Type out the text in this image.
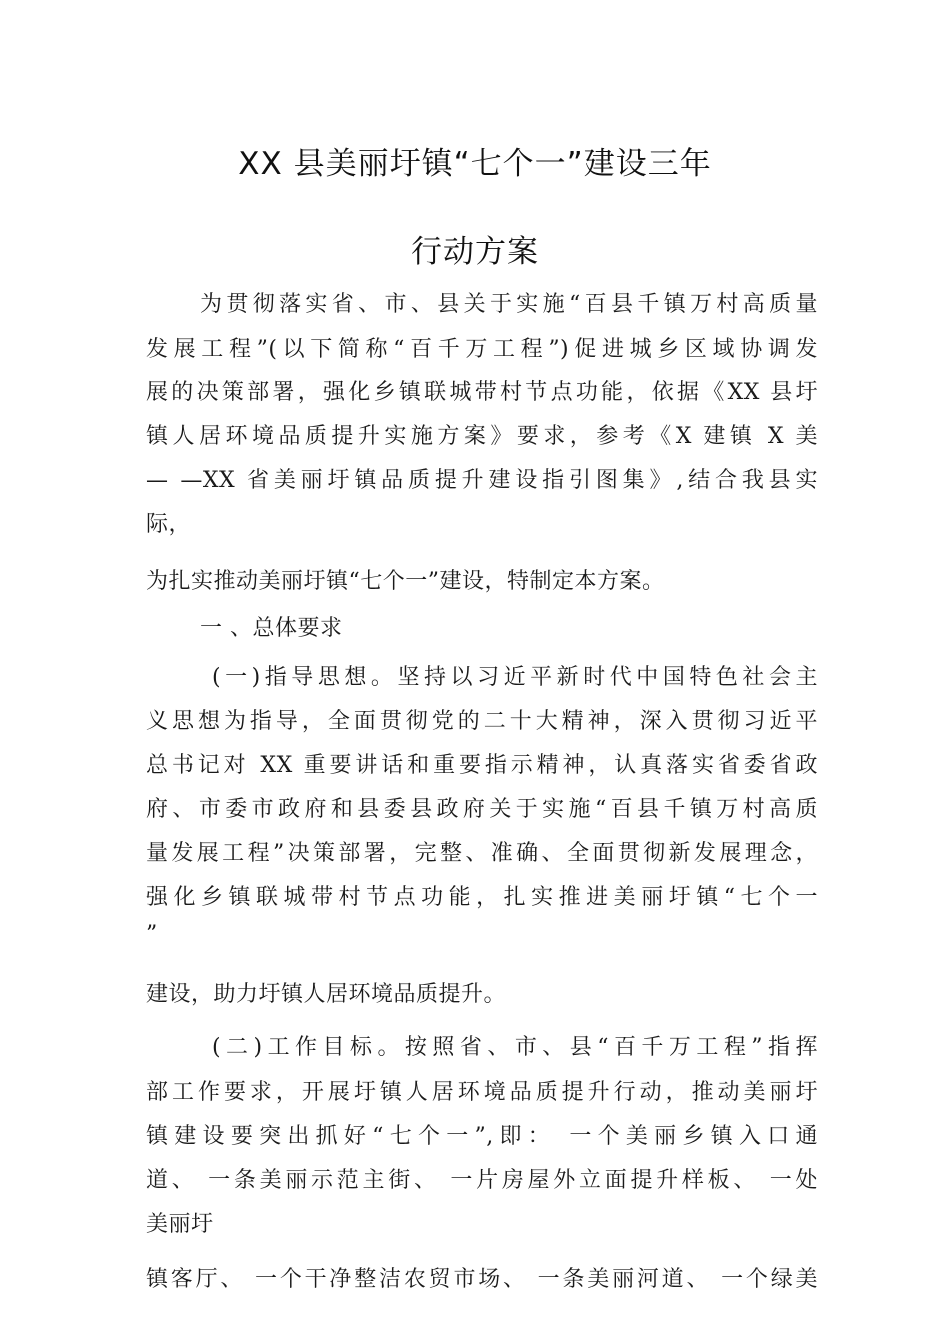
XX 县美丽圩镇“七个一”建设三年
行动方案
为贯彻落实省、市、县关于实施“百县千镇万村高质量
发展工程”(以下简称“百千万工程”)促进城乡区域协调发
展的决策部署，强化乡镇联城带村节点功能，依据《XX 县圩
镇人居环境品质提升实施方案》要求，参考《X 建镇 X 美
— —XX 省美丽圩镇品质提升建设指引图集》,结合我县实
际，
为扎实推动美丽圩镇“七个一”建设，特制定本方案。
一 、总体要求
(一)指导思想。坚持以习近平新时代中国特色社会主
义思想为指导，全面贯彻党的二十大精神，深入贯彻习近平
总书记对 XX 重要讲话和重要指示精神，认真落实省委省政
府、市委市政府和县委县政府关于实施“百县千镇万村高质
量发展工程”决策部署，完整、准确、全面贯彻新发展理念，
强化乡镇联城带村节点功能，扎实推进美丽圩镇“七个一
”
建设，助力圩镇人居环境品质提升。
(二)工作目标。按照省、市、县“百千万工程”指挥
部工作要求，开展圩镇人居环境品质提升行动，推动美丽圩
镇建设要突出抓好“七个一”,即： 一个美丽乡镇入口通
道、 一条美丽示范主街、 一片房屋外立面提升样板、 一处
美丽圩
镇客厅、 一个干净整洁农贸市场、 一条美丽河道、 一个绿美
